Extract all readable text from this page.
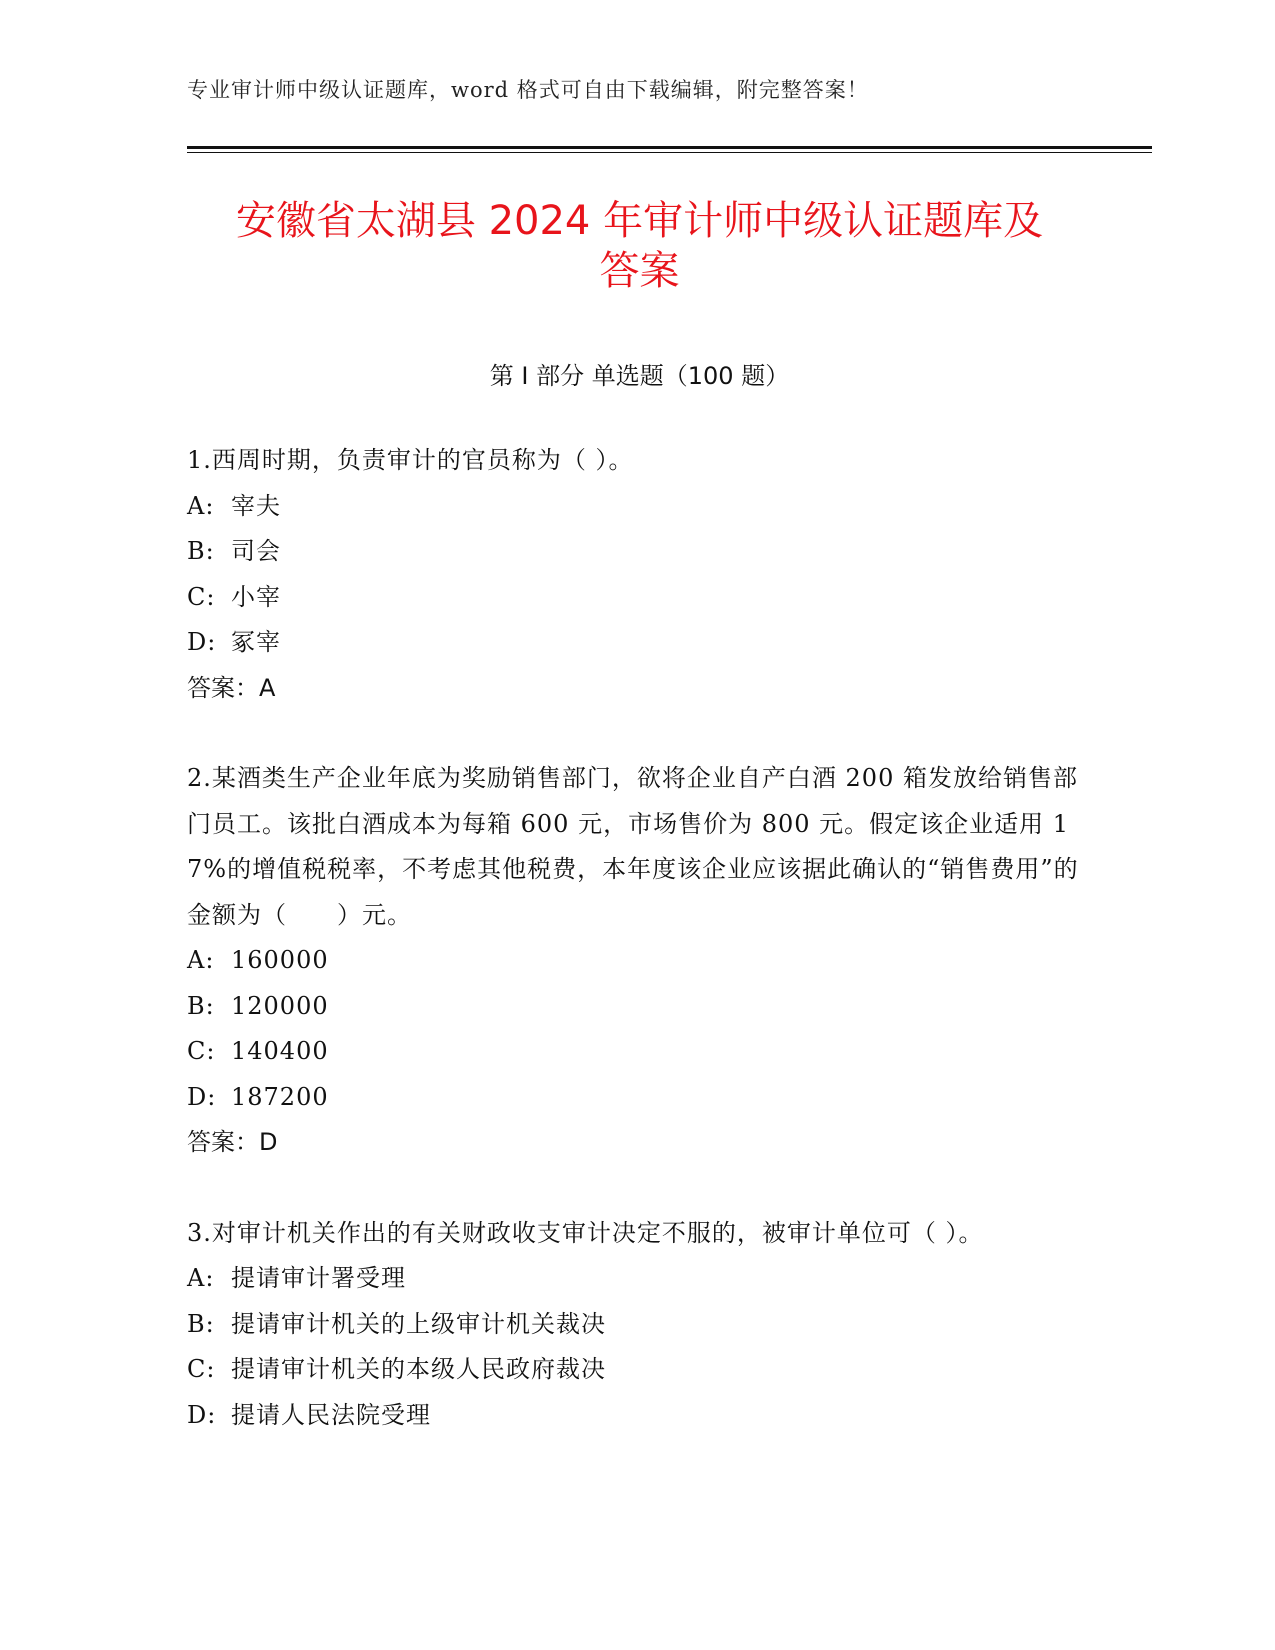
专业审计师中级认证题库，word 格式可自由下载编辑，附完整答案！
安徽省太湖县 2024 年审计师中级认证题库及
答案
第 I 部分 单选题（100 题）

1.西周时期，负责审计的官员称为（ ）。

A: 宰夫

B: 司会

C: 小宰

D: 冢宰

答案：A

2.某酒类生产企业年底为奖励销售部门，欲将企业自产白酒 200 箱发放给销售部门员工。该批白酒成本为每箱 600 元，市场售价为 800 元。假定该企业适用 17%的增值税税率，不考虑其他税费，本年度该企业应该据此确认的“销售费用”的金额为（　　）元。

A: 160000

B: 120000

C: 140400

D: 187200

答案：D

3.对审计机关作出的有关财政收支审计决定不服的，被审计单位可（ ）。

A: 提请审计署受理

B: 提请审计机关的上级审计机关裁决

C: 提请审计机关的本级人民政府裁决

D: 提请人民法院受理
